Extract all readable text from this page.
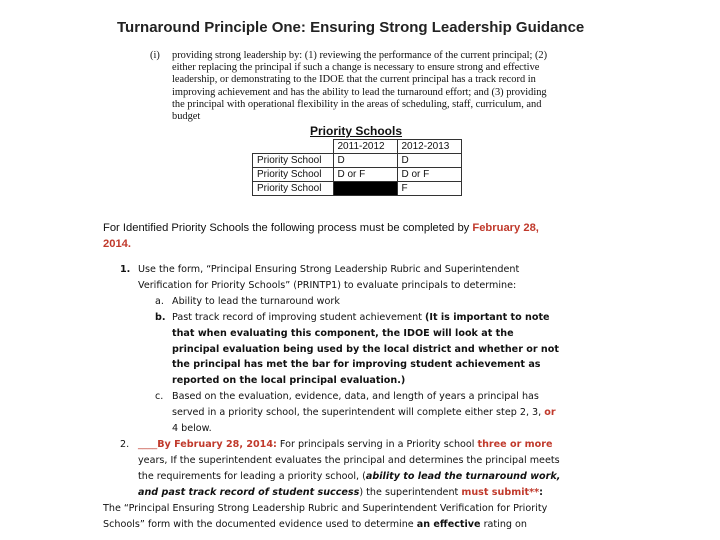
Turnaround Principle One: Ensuring Strong Leadership Guidance
(i) providing strong leadership by: (1) reviewing the performance of the current principal; (2) either replacing the principal if such a change is necessary to ensure strong and effective leadership, or demonstrating to the IDOE that the current principal has a track record in improving achievement and has the ability to lead the turnaround effort; and (3) providing the principal with operational flexibility in the areas of scheduling, staff, curriculum, and budget
Priority Schools
	2011-2012	2012-2013
Priority School	D	D
Priority School	D or F	D or F
Priority School		F
For Identified Priority Schools the following process must be completed by February 28, 2014.
1. Use the form, “Principal Ensuring Strong Leadership Rubric and Superintendent Verification for Priority Schools” (PRINTP1) to evaluate principals to determine:
a. Ability to lead the turnaround work
b. Past track record of improving student achievement (It is important to note that when evaluating this component, the IDOE will look at the principal evaluation being used by the local district and whether or not the principal has met the bar for improving student achievement as reported on the local principal evaluation.)
c. Based on the evaluation, evidence, data, and length of years a principal has served in a priority school, the superintendent will complete either step 2, 3, or 4 below.
2. ____By February 28, 2014: For principals serving in a Priority school three or more years, If the superintendent evaluates the principal and determines the principal meets the requirements for leading a priority school, (ability to lead the turnaround work, and past track record of student success) the superintendent must submit**:
The “Principal Ensuring Strong Leadership Rubric and Superintendent Verification for Priority Schools” form with the documented evidence used to determine an effective rating on
